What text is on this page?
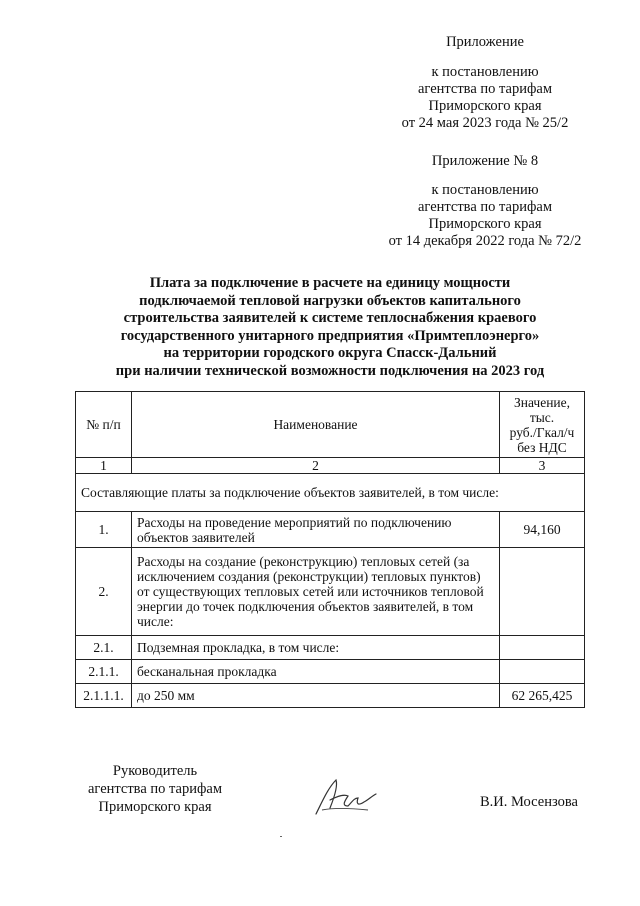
Приложение
к постановлению
агентства по тарифам
Приморского края
от 24 мая 2023 года № 25/2
Приложение № 8
к постановлению
агентства по тарифам
Приморского края
от 14 декабря 2022 года № 72/2
Плата за подключение в расчете на единицу мощности
подключаемой тепловой нагрузки объектов капитального
строительства заявителей к системе теплоснабжения краевого
государственного унитарного предприятия «Примтеплоэнерго»
на территории городского округа Спасск-Дальний
при наличии технической возможности подключения на 2023 год
№ п/п	Наименование	Значение,
тыс.
руб./Гкал/ч
без НДС

1	2	3
Составляющие платы за подключение объектов заявителей, в том числе:		
1.	Расходы на проведение мероприятий по подключению объектов заявителей	94,160
2.	Расходы на создание (реконструкцию) тепловых сетей (за исключением создания (реконструкции) тепловых пунктов) от существующих тепловых сетей или источников тепловой энергии до точек подключения объектов заявителей, в том числе:	
2.1.	Подземная прокладка, в том числе:	
2.1.1.	бесканальная прокладка	
2.1.1.1.	до 250 мм	62 265,425
Руководитель
агентства по тарифам
Приморского края	В.И. Мосензова
